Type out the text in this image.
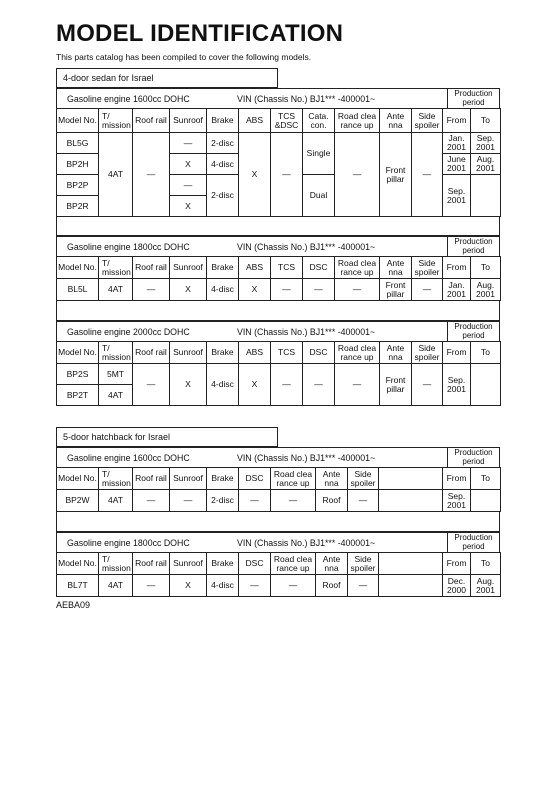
MODEL IDENTIFICATION
This parts catalog has been compiled to cover the following models.
4-door sedan for Israel
Gasoline engine 1600cc DOHC	VIN (Chassis No.) BJ1*** -400001~
Production period
Model No.	T/ mission	Roof rail	Sunroof	Brake	ABS	TCS &DSC	Cata. con.	Road clea rance up	Ante nna	Side spoiler	From	To
BL5G	4AT	—	—	2-disc	X	—	Single	—	Front pillar	—	Jan. 2001	Sep. 2001
BP2H			X	4-disc							June 2001	Aug. 2001
BP2P			—	2-disc			Dual				Sep. 2001	
BP2R			X									
Gasoline engine 1800cc DOHC	VIN (Chassis No.) BJ1*** -400001~
Production period
Model No.	T/ mission	Roof rail	Sunroof	Brake	ABS	TCS	DSC	Road clea rance up	Ante nna	Side spoiler	From	To
BL5L	4AT	—	X	4-disc	X	—	—	—	Front pillar	—	Jan. 2001	Aug. 2001
Gasoline engine 2000cc DOHC	VIN (Chassis No.) BJ1*** -400001~
Production period
Model No.	T/ mission	Roof rail	Sunroof	Brake	ABS	TCS	DSC	Road clea rance up	Ante nna	Side spoiler	From	To
BP2S	5MT	—	X	4-disc	X	—	—	—	Front pillar	—	Sep. 2001	
BP2T	4AT											
5-door hatchback for Israel
Gasoline engine 1600cc DOHC	VIN (Chassis No.) BJ1*** -400001~
Production period
Model No.	T/ mission	Roof rail	Sunroof	Brake	DSC	Road clea rance up	Ante nna	Side spoiler		From	To
BP2W	4AT	—	—	2-disc	—	—	Roof	—		Sep. 2001	
Gasoline engine 1800cc DOHC	VIN (Chassis No.) BJ1*** -400001~
Production period
Model No.	T/ mission	Roof rail	Sunroof	Brake	DSC	Road clea rance up	Ante nna	Side spoiler		From	To
BL7T	4AT	—	X	4-disc	—	—	Roof	—		Dec. 2000	Aug. 2001
AEBA09
